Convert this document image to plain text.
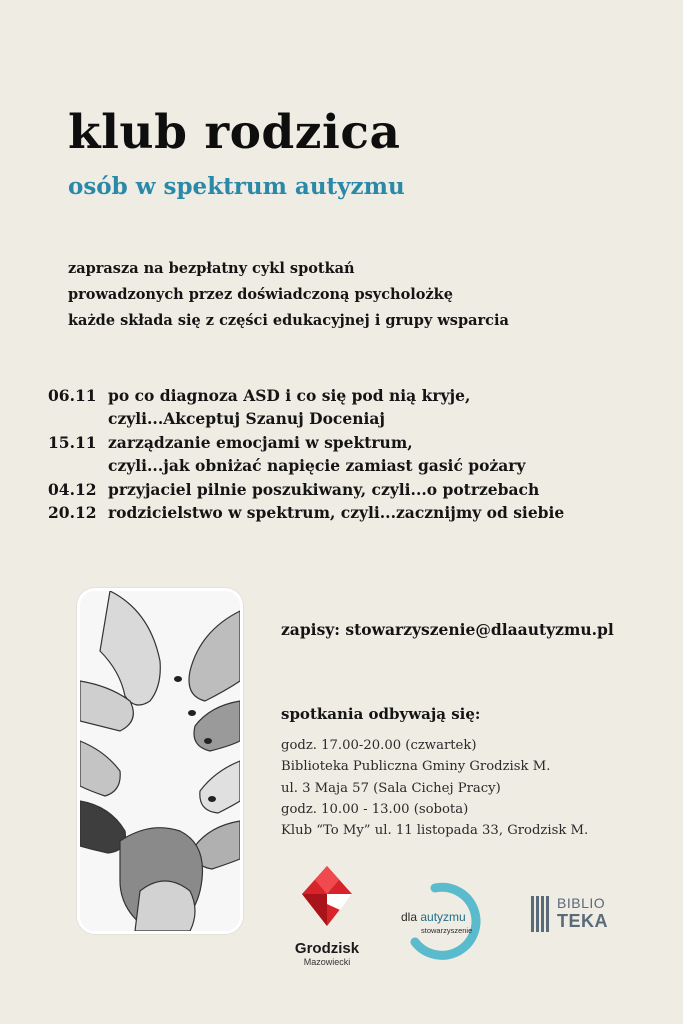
klub rodzica
osób w spektrum autyzmu
zaprasza na bezpłatny cykl spotkań
prowadzonych przez doświadczoną psycholożkę
każde składa się z części edukacyjnej i grupy wsparcia
06.11 po co diagnoza ASD i co się pod nią kryje,
czyli...Akceptuj Szanuj Doceniaj
15.11 zarządzanie emocjami w spektrum,
czyli...jak obniżać napięcie zamiast gasić pożary
04.12 przyjaciel pilnie poszukiwany, czyli...o potrzebach
20.12 rodzicielstwo w spektrum, czyli...zacznijmy od siebie
zapisy: stowarzyszenie@dlaautyzmu.pl
spotkania odbywają się:
godz. 17.00-20.00 (czwartek)
Biblioteka Publiczna Gminy Grodzisk M.
ul. 3 Maja 57 (Sala Cichej Pracy)
godz. 10.00 - 13.00 (sobota)
Klub “To My” ul. 11 listopada 33, Grodzisk M.
Grodzisk
Mazowiecki
dla autyzmu
stowarzyszenie
BIBLIO
TEKA
